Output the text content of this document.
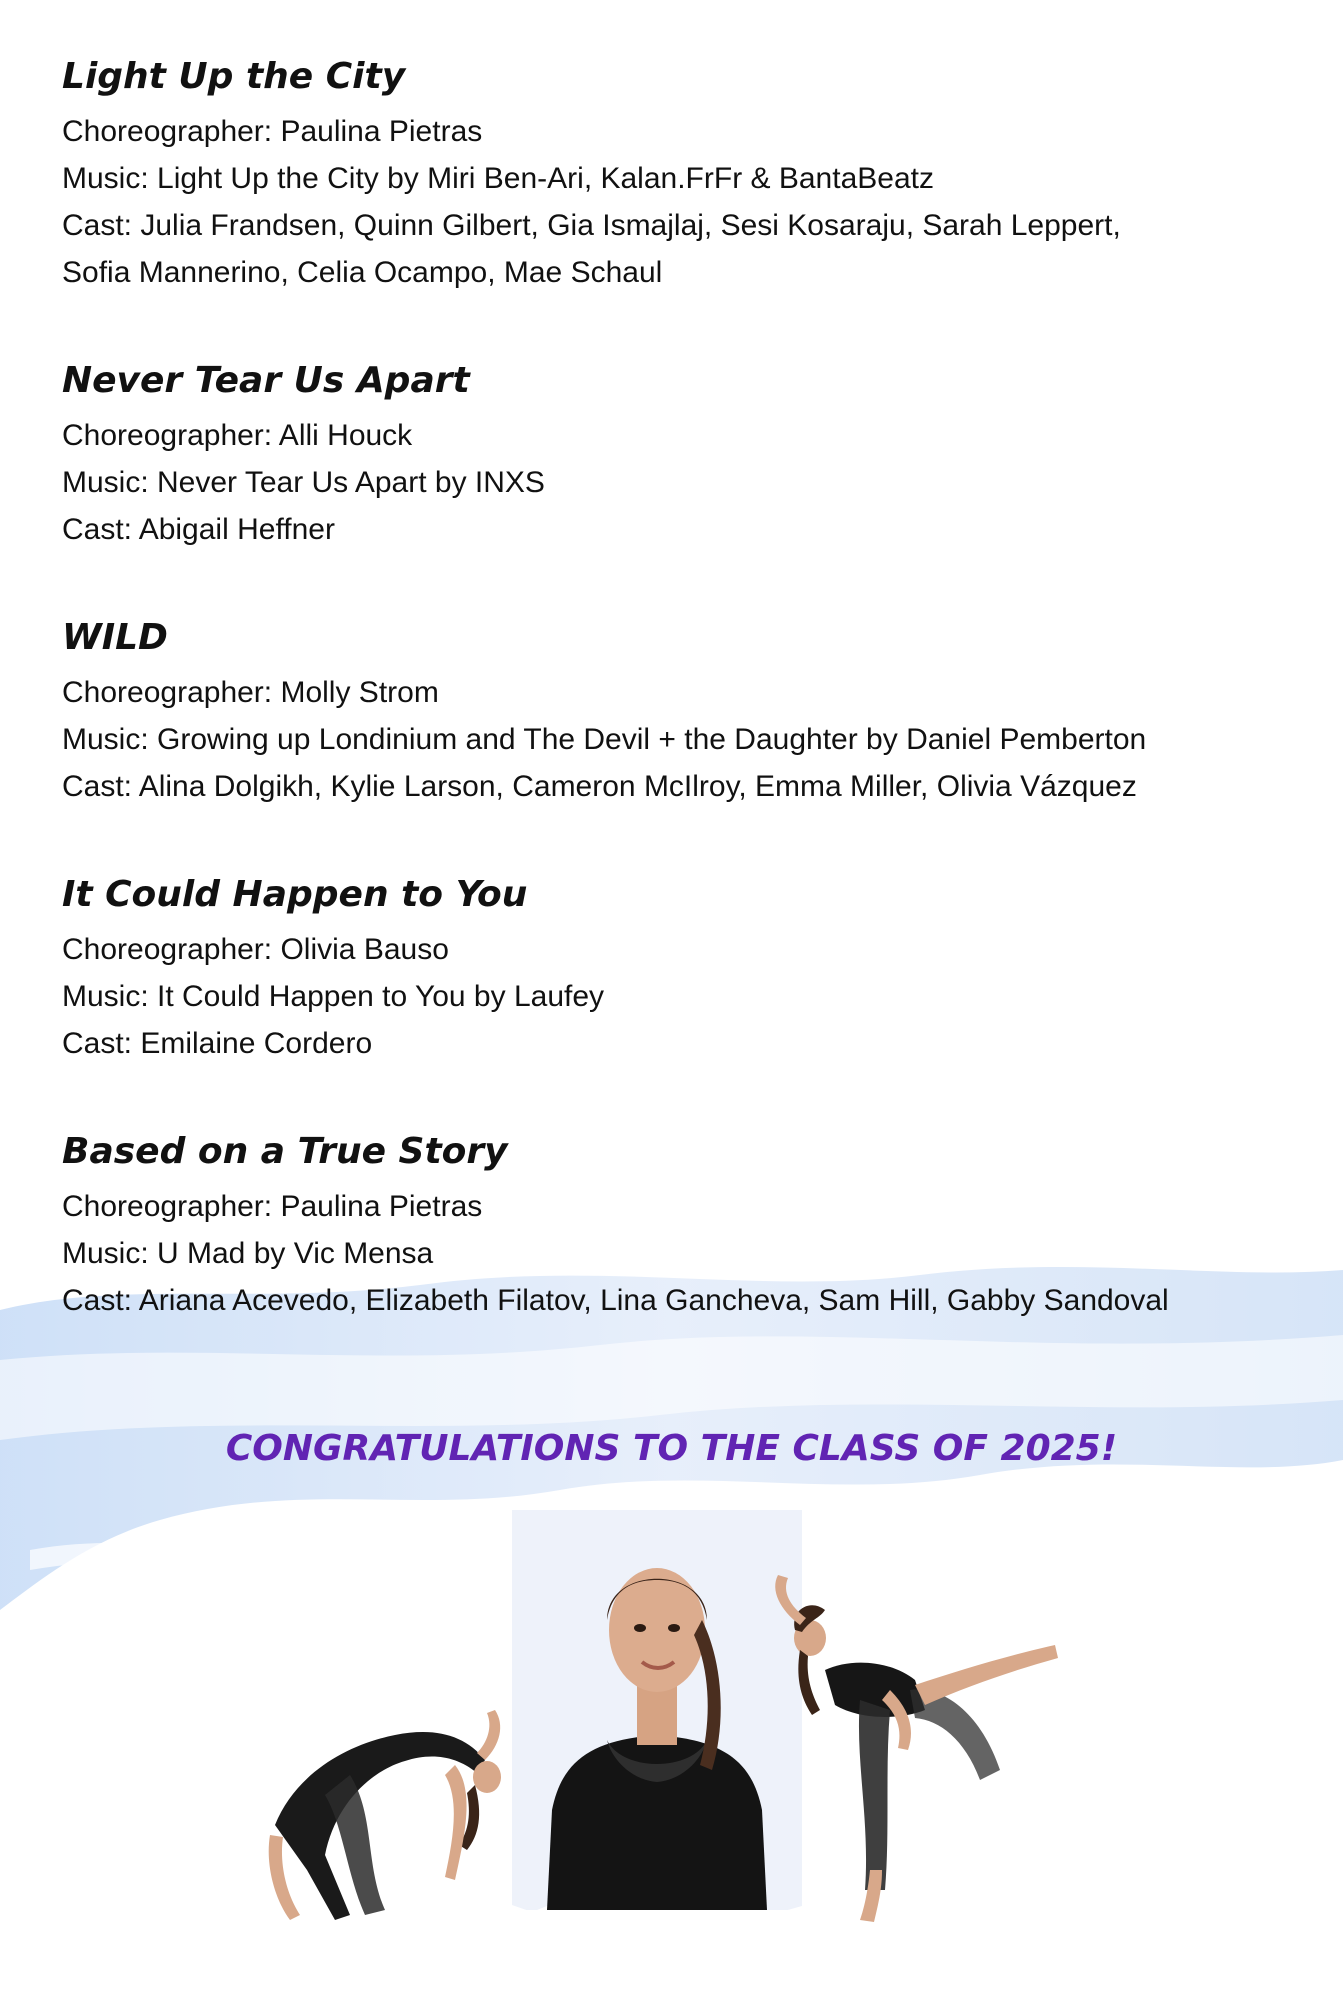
Light Up the City

Choreographer: Paulina Pietras

Music: Light Up the City by Miri Ben-Ari, Kalan.FrFr & BantaBeatz

Cast: Julia Frandsen, Quinn Gilbert, Gia Ismajlaj, Sesi Kosaraju, Sarah Leppert,

Sofia Mannerino, Celia Ocampo, Mae Schaul

Never Tear Us Apart

Choreographer: Alli Houck

Music: Never Tear Us Apart by INXS

Cast: Abigail Heffner

WILD

Choreographer: Molly Strom

Music: Growing up Londinium and The Devil + the Daughter by Daniel Pemberton

Cast: Alina Dolgikh, Kylie Larson, Cameron McIlroy, Emma Miller, Olivia Vázquez

It Could Happen to You

Choreographer: Olivia Bauso

Music: It Could Happen to You by Laufey

Cast: Emilaine Cordero

Based on a True Story

Choreographer: Paulina Pietras

Music: U Mad by Vic Mensa

Cast: Ariana Acevedo, Elizabeth Filatov, Lina Gancheva, Sam Hill, Gabby Sandoval

CONGRATULATIONS TO THE CLASS OF 2025!
